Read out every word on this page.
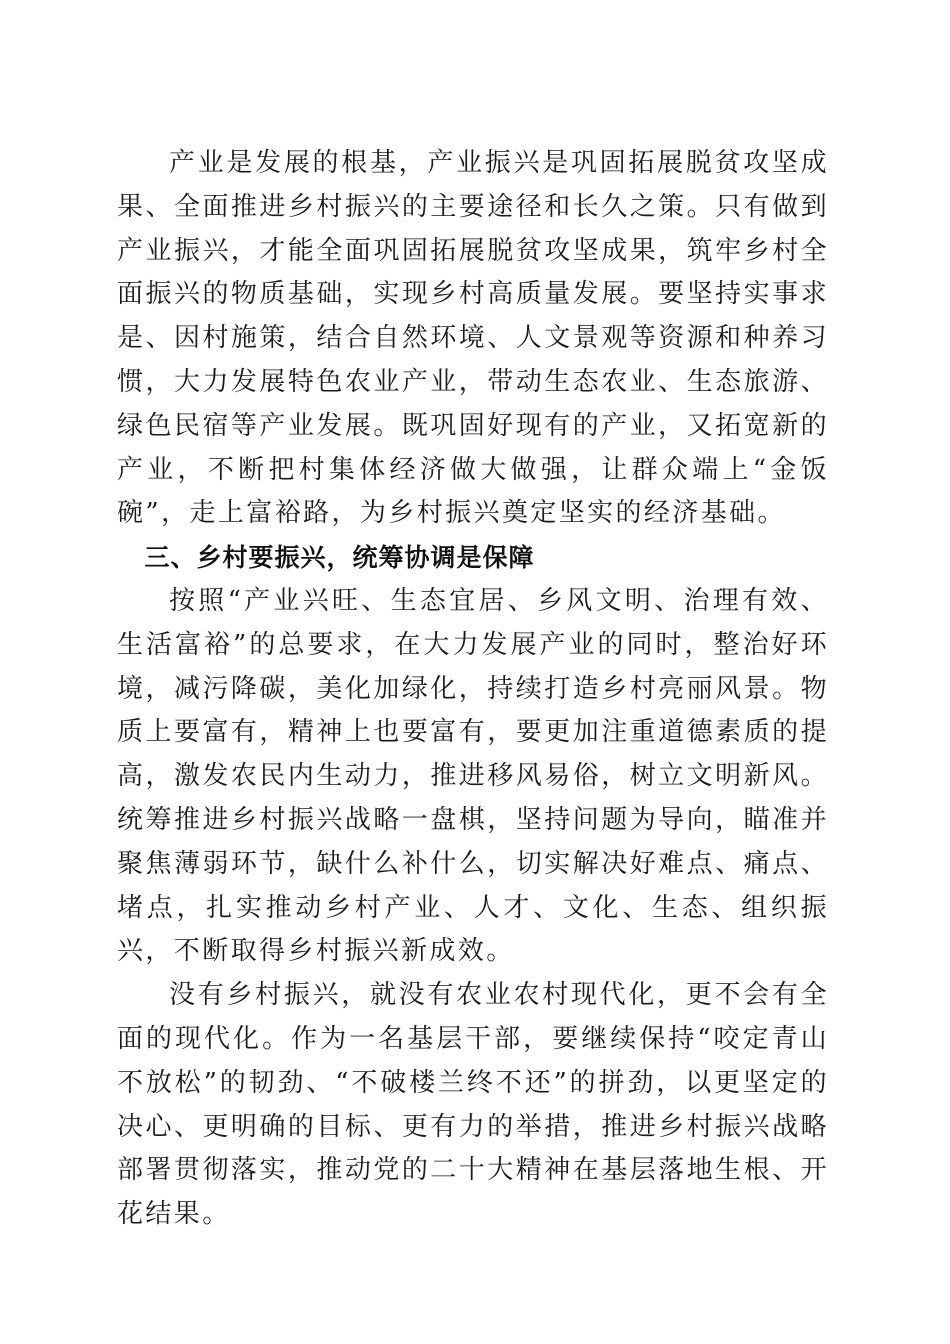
产业是发展的根基，产业振兴是巩固拓展脱贫攻坚成果、全面推进乡村振兴的主要途径和长久之策。只有做到产业振兴，才能全面巩固拓展脱贫攻坚成果，筑牢乡村全面振兴的物质基础，实现乡村高质量发展。要坚持实事求是、因村施策，结合自然环境、人文景观等资源和种养习惯，大力发展特色农业产业，带动生态农业、生态旅游、绿色民宿等产业发展。既巩固好现有的产业，又拓宽新的产业，不断把村集体经济做大做强，让群众端上“金饭碗”，走上富裕路，为乡村振兴奠定坚实的经济基础。

三、乡村要振兴，统筹协调是保障

按照“产业兴旺、生态宜居、乡风文明、治理有效、生活富裕”的总要求，在大力发展产业的同时，整治好环境，减污降碳，美化加绿化，持续打造乡村亮丽风景。物质上要富有，精神上也要富有，要更加注重道德素质的提高，激发农民内生动力，推进移风易俗，树立文明新风。统筹推进乡村振兴战略一盘棋，坚持问题为导向，瞄准并聚焦薄弱环节，缺什么补什么，切实解决好难点、痛点、堵点，扎实推动乡村产业、人才、文化、生态、组织振兴，不断取得乡村振兴新成效。

没有乡村振兴，就没有农业农村现代化，更不会有全面的现代化。作为一名基层干部，要继续保持“咬定青山不放松”的韧劲、“不破楼兰终不还”的拼劲，以更坚定的决心、更明确的目标、更有力的举措，推进乡村振兴战略部署贯彻落实，推动党的二十大精神在基层落地生根、开花结果。
